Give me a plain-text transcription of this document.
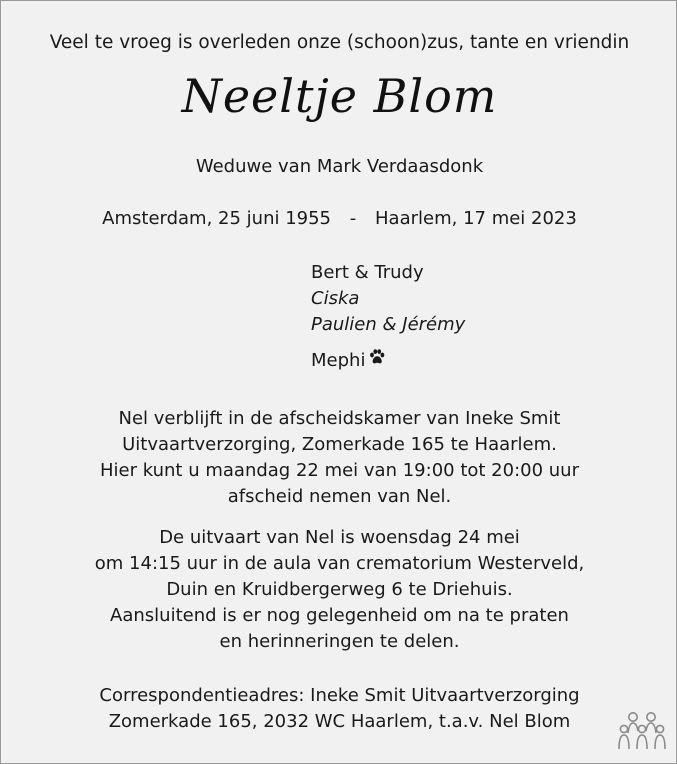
Veel te vroeg is overleden onze (schoon)zus, tante en vriendin
Neeltje Blom
Weduwe van Mark Verdaasdonk
Amsterdam, 25 juni 1955 - Haarlem, 17 mei 2023
Bert & Trudy
Ciska
Paulien & Jérémy
Mephi
Nel verblijft in de afscheidskamer van Ineke Smit
Uitvaartverzorging, Zomerkade 165 te Haarlem.
Hier kunt u maandag 22 mei van 19:00 tot 20:00 uur
afscheid nemen van Nel.
De uitvaart van Nel is woensdag 24 mei
om 14:15 uur in de aula van crematorium Westerveld,
Duin en Kruidbergerweg 6 te Driehuis.
Aansluitend is er nog gelegenheid om na te praten
en herinneringen te delen.
Correspondentieadres: Ineke Smit Uitvaartverzorging
Zomerkade 165, 2032 WC Haarlem, t.a.v. Nel Blom
